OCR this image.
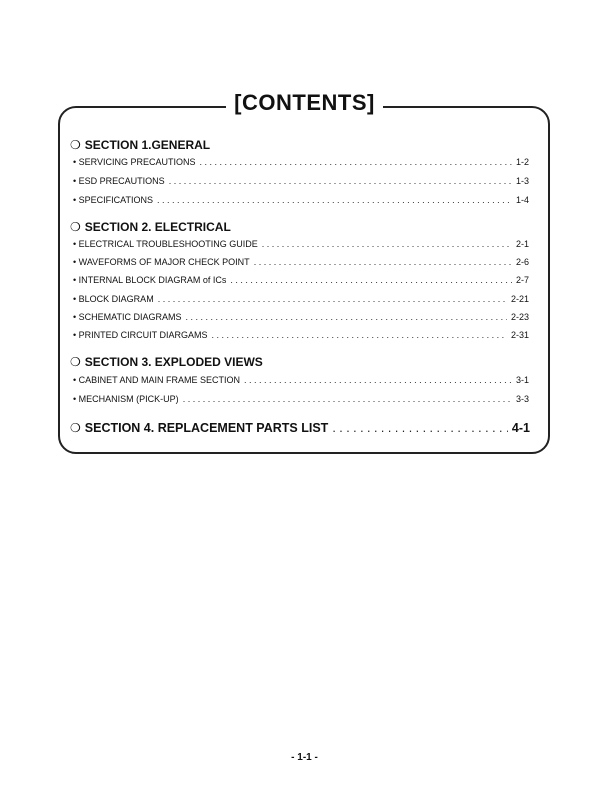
[CONTENTS]
❍ SECTION 1.GENERAL
•
SERVICING PRECAUTIONS . . .	1-2
•
ESD PRECAUTIONS . . .	1-3
•
SPECIFICATIONS . . .	1-4
❍ SECTION 2. ELECTRICAL
•
ELECTRICAL TROUBLESHOOTING GUIDE . . .	2-1
•
WAVEFORMS OF MAJOR CHECK POINT . . .	2-6
•
INTERNAL BLOCK DIAGRAM of ICs . . .	2-7
•
BLOCK DIAGRAM . . .	2-21
•
SCHEMATIC DIAGRAMS . . .	2-23
•
PRINTED CIRCUIT DIARGAMS . . .	2-31
❍ SECTION 3. EXPLODED VIEWS
•
CABINET AND MAIN FRAME SECTION . . .	3-1
•
MECHANISM (PICK-UP) . . .	3-3
❍ SECTION 4. REPLACEMENT PARTS LIST . . .	4-1
- 1-1 -
